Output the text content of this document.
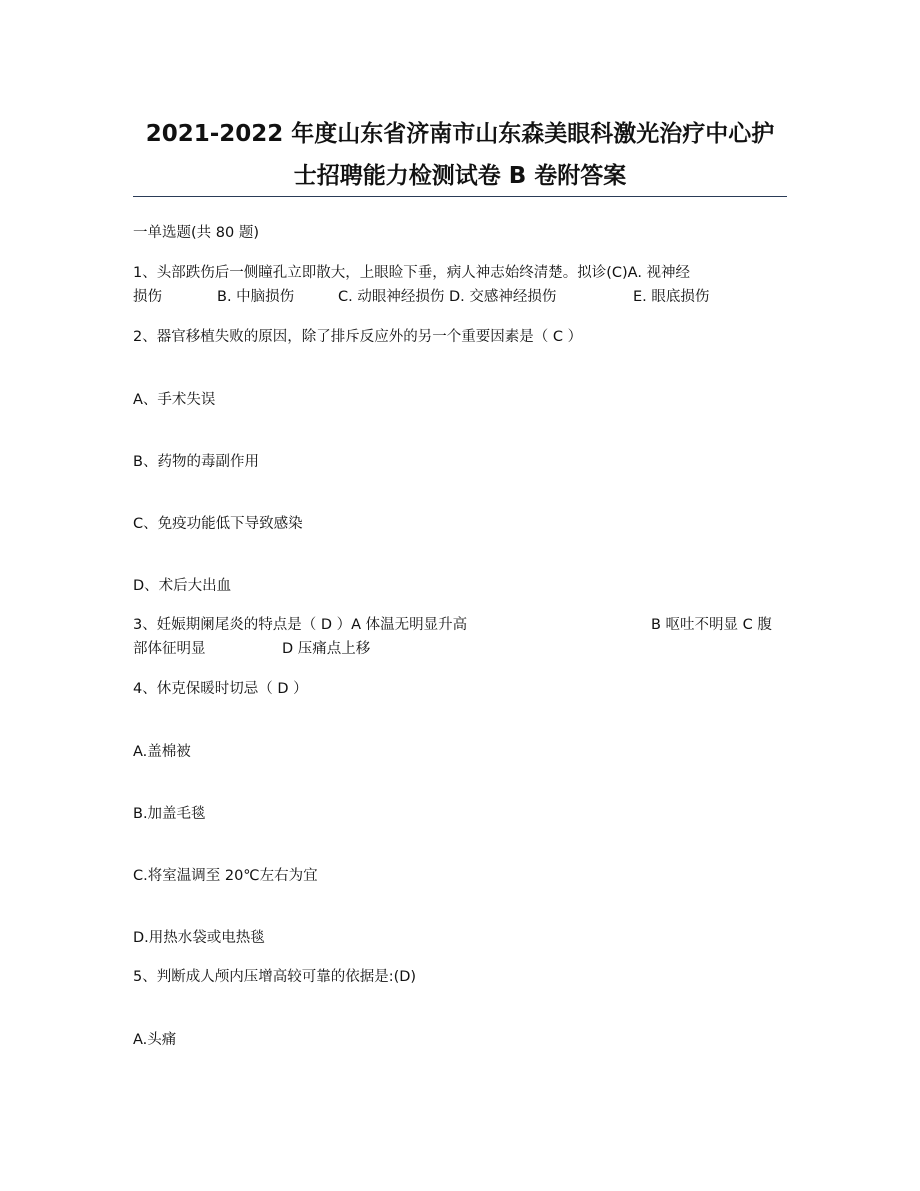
2021-2022 年度山东省济南市山东森美眼科激光治疗中心护
士招聘能力检测试卷 B 卷附答案
一单选题(共 80 题)
1、头部跌伤后一侧瞳孔立即散大，上眼睑下垂，病人神志始终清楚。拟诊(C)A. 视神经
损伤	B. 中脑损伤	C. 动眼神经损伤 D. 交感神经损伤	E. 眼底损伤
2、器官移植失败的原因，除了排斥反应外的另一个重要因素是（ C ）
A、手术失误
B、药物的毒副作用
C、免疫功能低下导致感染
D、术后大出血
3、妊娠期阑尾炎的特点是（ D ）A 体温无明显升高	B 呕吐不明显 C 腹
部体征明显	D 压痛点上移
4、休克保暖时切忌（ D ）
A.盖棉被
B.加盖毛毯
C.将室温调至 20℃左右为宜
D.用热水袋或电热毯
5、判断成人颅内压增高较可靠的依据是:(D)
A.头痛
